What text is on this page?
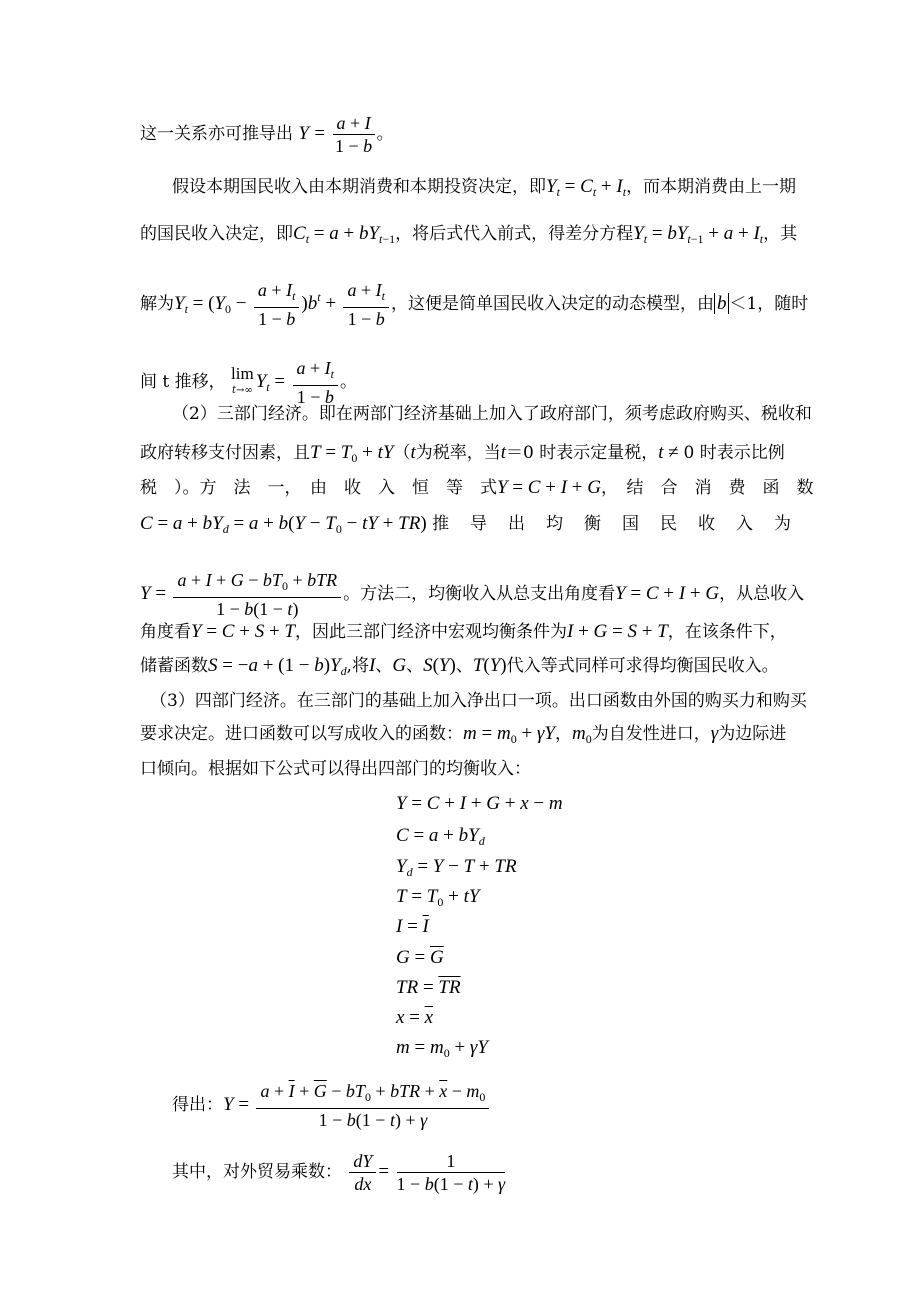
这一关系亦可推导出 $Y = \frac{a + I}{1 - b}$ 。
假设本期国民收入由本期消费和本期投资决定，即$Y_t = C_t + I_t$，而本期消费由上一期
的国民收入决定，即$C_t = a + bY_{t-1}$，将后式代入前式，得差分方程$Y_t = bY_{t-1} + a + I_t$，其
解为$Y_t = (Y_0 - \frac{a + I_t}{1 - b} )b^t + \frac{a + I_t}{1 - b}$ ，这便是简单国民收入决定的动态模型，由 b ＜1，随时
间 t 推移， lim
t→∞ $Y_t = \frac{a + I_t}{1 - b}$ 。
（2）三部门经济。即在两部门经济基础上加入了政府部门，须考虑政府购买、税收和
政府转移支付因素，且$T = T_0 + tY(t$为税率，当t＝0 时表示定量税，t ≠ 0 时表示比例
税　）。方　法　一，　由　收　入　恒　等　式 Y = C + I + G ，　结　合　消　费　函　数
$C = a + bY_d = a + b(Y - T_0$ − tY + TR) 推　导　出　均　衡　国　民　收　入　为
$Y = \frac{a + I + G - bT_0 + bTR}{1 - b(1 - t)}$ 。方法二，均衡收入从总支出角度看Y = C + I + G，从总收入
角度看Y = C + S + T，因此三部门经济中宏观均衡条件为I + G = S + T，在该条件下，
储蓄函数$S = -a + (1 - b)Y_d$,将I、G、S(Y)、T(Y)代入等式同样可求得均衡国民收入。
（3）四部门经济。在三部门的基础上加入净出口一项。出口函数由外国的购买力和购买
要求决定。进口函数可以写成收入的函数：$m = m_0 + \gamma Y$，$m_0$为自发性进口，γ为边际进
口倾向。根据如下公式可以得出四部门的均衡收入：
Y = C + I + G + x − m
$C = a + bY_d$
$Y_d = Y - T$ + TR
$T = T_0$ + tY
$I = \overline{I}$
$G = \overline{G}$
TR = $\overline{TR}$
$x = \overline{x}$
$m = m_0 + \gamma Y$
得出：$Y = \frac{a + \overline{I} + \overline{G} - bT_0 + bTR + \overline{x} - m_0}{1 - b(1 - t) + \gamma}$
其中，对外贸易乘数： $\frac{dY}{dx} = \frac{1}{1 - b(1 - t) + \gamma}$
